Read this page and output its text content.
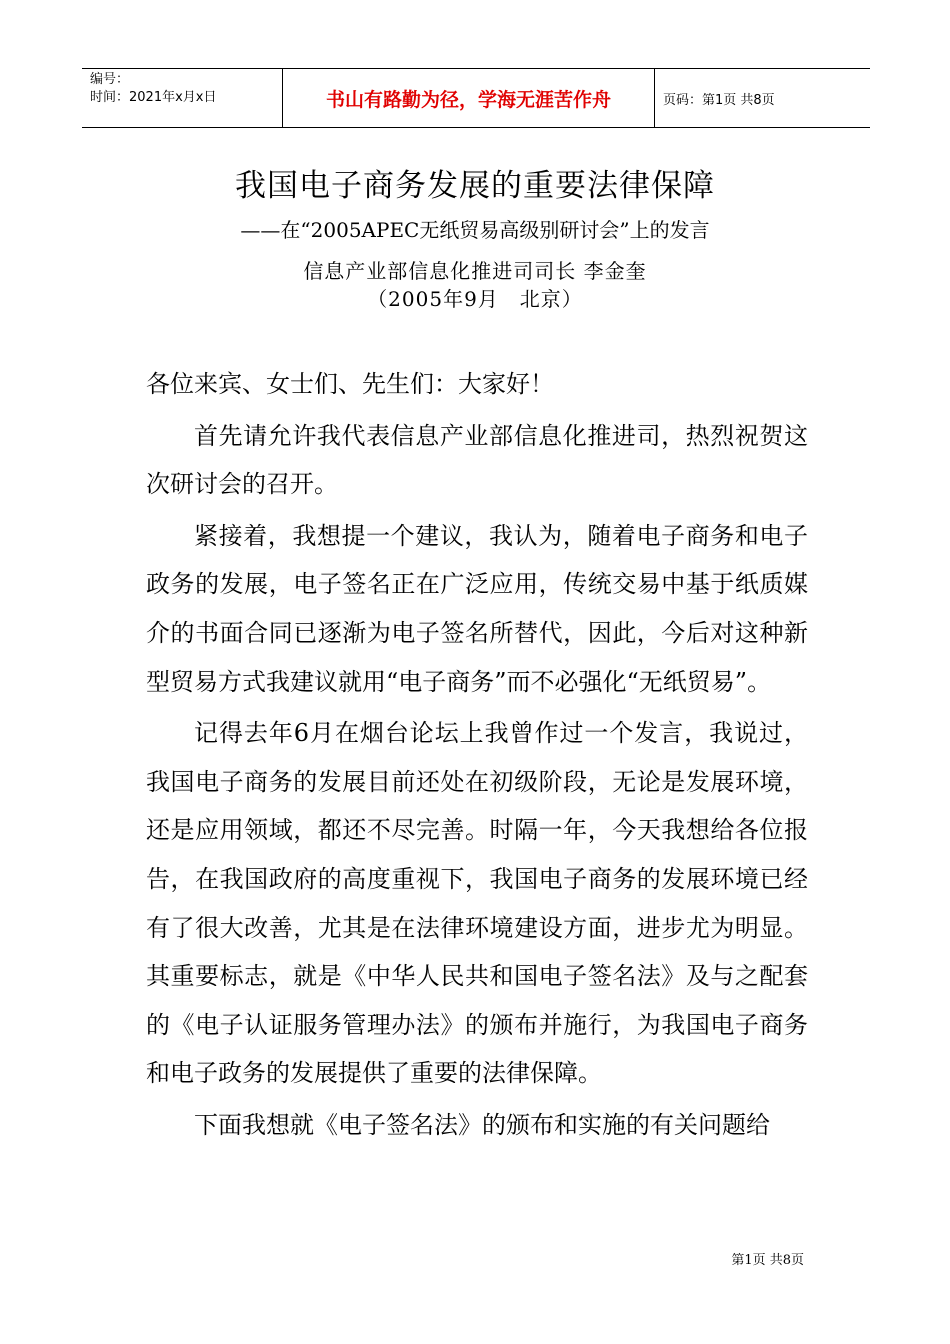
编号：
时间：2021年x月x日	书山有路勤为径，学海无涯苦作舟	页码：第1页 共8页
我国电子商务发展的重要法律保障
——在“2005APEC无纸贸易高级别研讨会”上的发言
信息产业部信息化推进司司长 李金奎
（2005年9月　北京）

各位来宾、女士们、先生们：大家好！

首先请允许我代表信息产业部信息化推进司，热烈祝贺这次研讨会的召开。

紧接着，我想提一个建议，我认为，随着电子商务和电子政务的发展，电子签名正在广泛应用，传统交易中基于纸质媒介的书面合同已逐渐为电子签名所替代，因此，今后对这种新型贸易方式我建议就用“电子商务”而不必强化“无纸贸易”。

记得去年6月在烟台论坛上我曾作过一个发言，我说过，我国电子商务的发展目前还处在初级阶段，无论是发展环境，还是应用领域，都还不尽完善。时隔一年，今天我想给各位报告，在我国政府的高度重视下，我国电子商务的发展环境已经有了很大改善，尤其是在法律环境建设方面，进步尤为明显。其重要标志，就是《中华人民共和国电子签名法》及与之配套的《电子认证服务管理办法》的颁布并施行，为我国电子商务和电子政务的发展提供了重要的法律保障。

下面我想就《电子签名法》的颁布和实施的有关问题给

第1页 共8页
